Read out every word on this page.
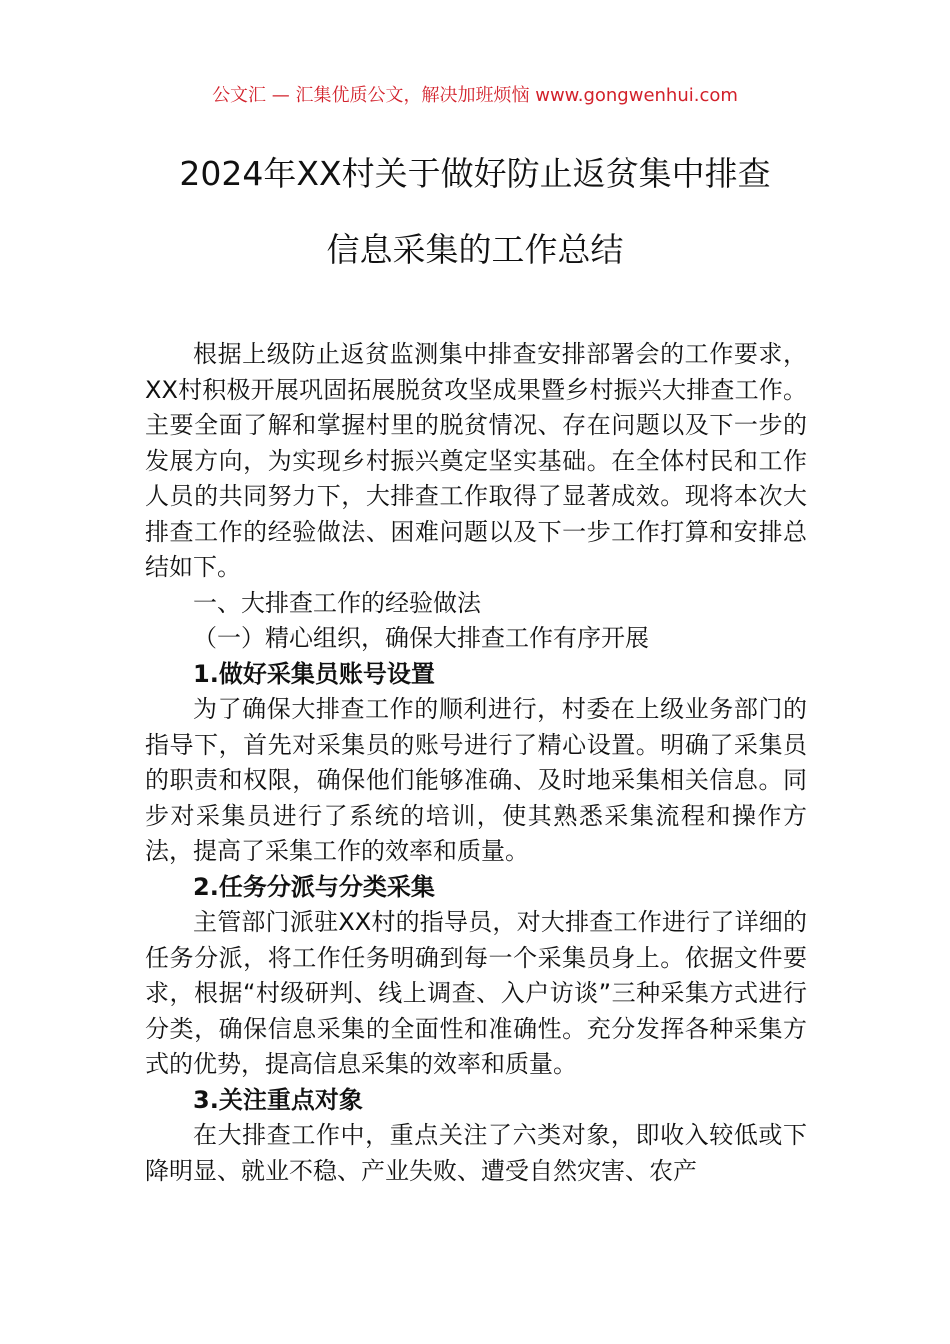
公文汇 — 汇集优质公文，解决加班烦恼 www.gongwenhui.com
2024年XX村关于做好防止返贫集中排查
信息采集的工作总结

根据上级防止返贫监测集中排查安排部署会的工作要求，XX村积极开展巩固拓展脱贫攻坚成果暨乡村振兴大排查工作。主要全面了解和掌握村里的脱贫情况、存在问题以及下一步的发展方向，为实现乡村振兴奠定坚实基础。在全体村民和工作人员的共同努力下，大排查工作取得了显著成效。现将本次大排查工作的经验做法、困难问题以及下一步工作打算和安排总结如下。

一、大排查工作的经验做法

（一）精心组织，确保大排查工作有序开展

1.做好采集员账号设置

为了确保大排查工作的顺利进行，村委在上级业务部门的指导下，首先对采集员的账号进行了精心设置。明确了采集员的职责和权限，确保他们能够准确、及时地采集相关信息。同步对采集员进行了系统的培训，使其熟悉采集流程和操作方法，提高了采集工作的效率和质量。

2.任务分派与分类采集

主管部门派驻XX村的指导员，对大排查工作进行了详细的任务分派，将工作任务明确到每一个采集员身上。依据文件要求，根据“村级研判、线上调查、入户访谈”三种采集方式进行分类，确保信息采集的全面性和准确性。充分发挥各种采集方式的优势，提高信息采集的效率和质量。

3.关注重点对象

在大排查工作中，重点关注了六类对象，即收入较低或下降明显、就业不稳、产业失败、遭受自然灾害、农产
